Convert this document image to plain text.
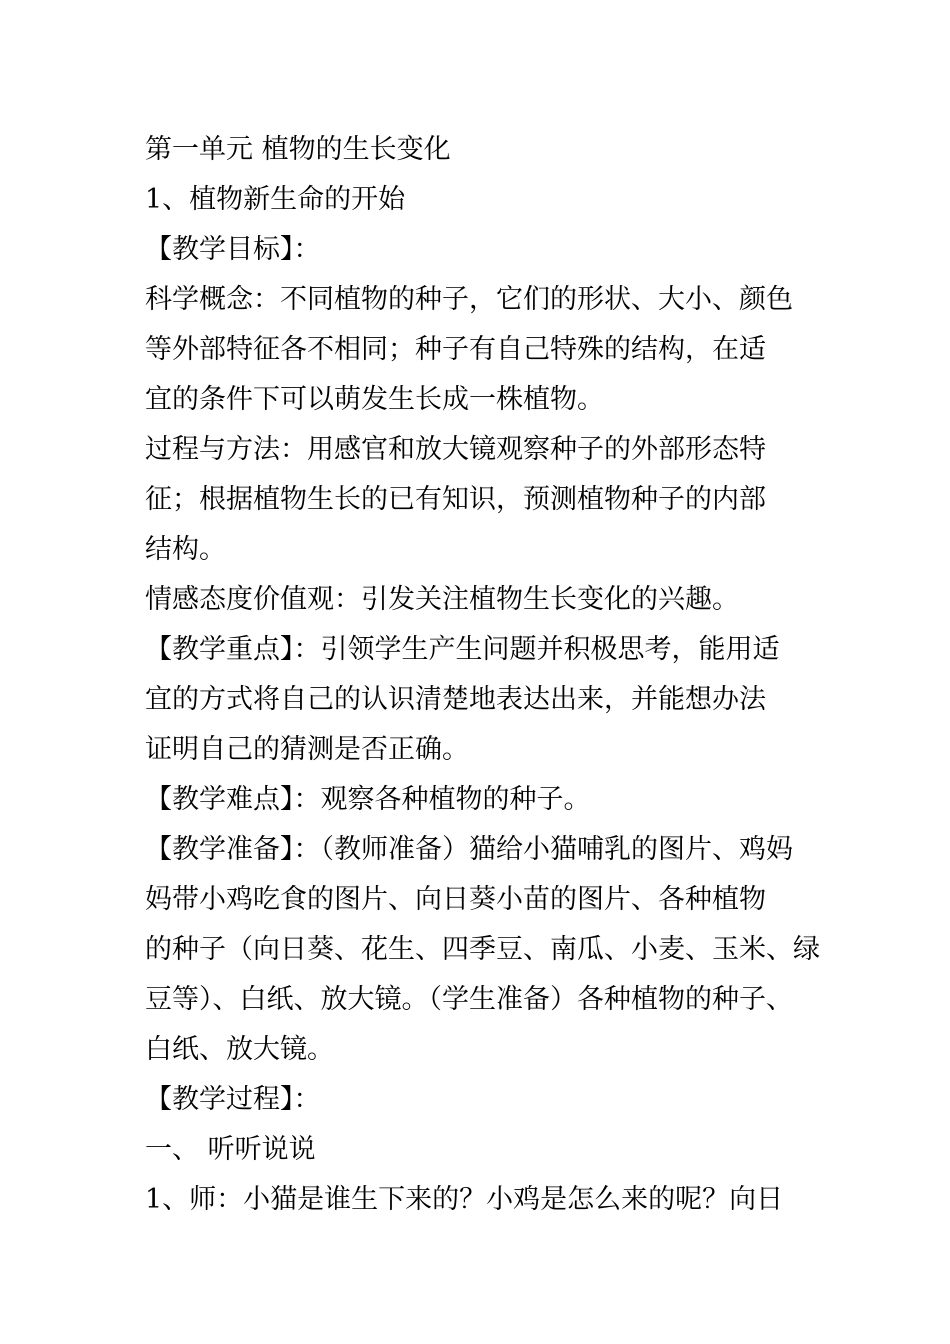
第一单元 植物的生长变化
1、植物新生命的开始
【教学目标】：
科学概念：不同植物的种子，它们的形状、大小、颜色
等外部特征各不相同；种子有自己特殊的结构，在适
宜的条件下可以萌发生长成一株植物。
过程与方法：用感官和放大镜观察种子的外部形态特
征；根据植物生长的已有知识，预测植物种子的内部
结构。
情感态度价值观：引发关注植物生长变化的兴趣。
【教学重点】：引领学生产生问题并积极思考，能用适
宜的方式将自己的认识清楚地表达出来，并能想办法
证明自己的猜测是否正确。
【教学难点】：观察各种植物的种子。
【教学准备】：（教师准备）猫给小猫哺乳的图片、鸡妈
妈带小鸡吃食的图片、向日葵小苗的图片、各种植物
的种子（向日葵、花生、四季豆、南瓜、小麦、玉米、绿
豆等）、白纸、放大镜。（学生准备）各种植物的种子、
白纸、放大镜。
【教学过程】：
一、 听听说说
1、师：小猫是谁生下来的？小鸡是怎么来的呢？向日
